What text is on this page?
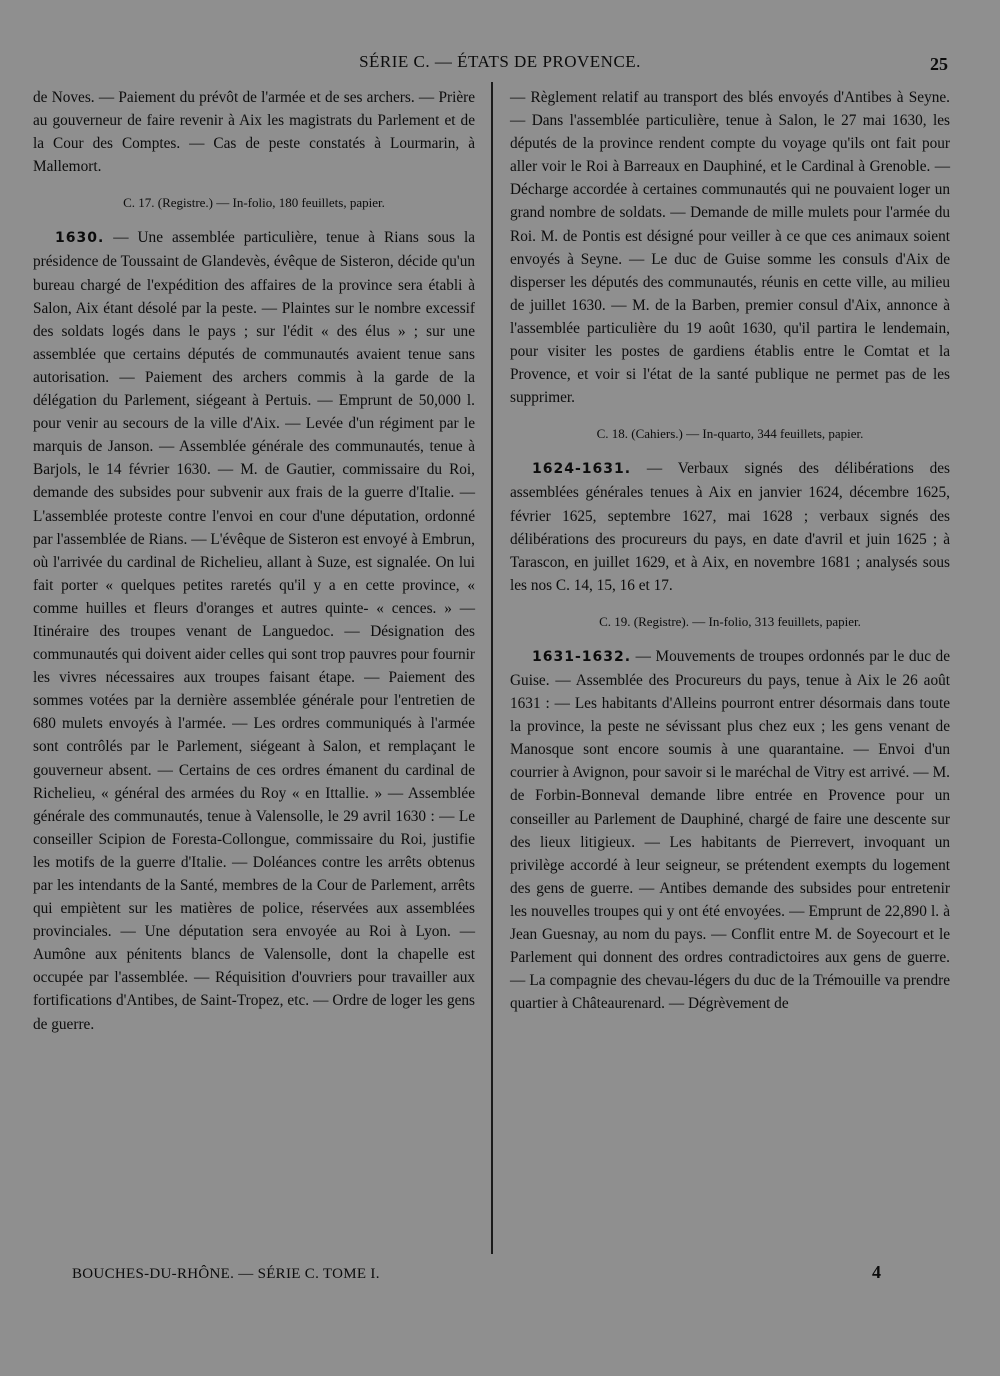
SÉRIE C. — ÉTATS DE PROVENCE.	25

de Noves. — Paiement du prévôt de l'armée et de ses archers. — Prière au gouverneur de faire revenir à Aix les magistrats du Parlement et de la Cour des Comptes. — Cas de peste constatés à Lourmarin, à Mallemort.

C. 17. (Registre.) — In-folio, 180 feuillets, papier.

1630. — Une assemblée particulière, tenue à Rians sous la présidence de Toussaint de Glandevès, évêque de Sisteron, décide qu'un bureau chargé de l'expédition des affaires de la province sera établi à Salon, Aix étant désolé par la peste. — Plaintes sur le nombre excessif des soldats logés dans le pays ; sur l'édit « des élus » ; sur une assemblée que certains députés de communautés avaient tenue sans autorisation. — Paiement des archers commis à la garde de la délégation du Parlement, siégeant à Pertuis. — Emprunt de 50,000 l. pour venir au secours de la ville d'Aix. — Levée d'un régiment par le marquis de Janson. — Assemblée générale des communautés, tenue à Barjols, le 14 février 1630. — M. de Gautier, commissaire du Roi, demande des subsides pour subvenir aux frais de la guerre d'Italie. — L'assemblée proteste contre l'envoi en cour d'une députation, ordonné par l'assemblée de Rians. — L'évêque de Sisteron est envoyé à Embrun, où l'arrivée du cardinal de Richelieu, allant à Suze, est signalée. On lui fait porter « quelques petites raretés qu'il y a en cette province, « comme huilles et fleurs d'oranges et autres quinte- « cences. » — Itinéraire des troupes venant de Languedoc. — Désignation des communautés qui doivent aider celles qui sont trop pauvres pour fournir les vivres nécessaires aux troupes faisant étape. — Paiement des sommes votées par la dernière assemblée générale pour l'entretien de 680 mulets envoyés à l'armée. — Les ordres communiqués à l'armée sont contrôlés par le Parlement, siégeant à Salon, et remplaçant le gouverneur absent. — Certains de ces ordres émanent du cardinal de Richelieu, « général des armées du Roy « en Ittallie. » — Assemblée générale des communautés, tenue à Valensolle, le 29 avril 1630 : — Le conseiller Scipion de Foresta-Collongue, commissaire du Roi, justifie les motifs de la guerre d'Italie. — Doléances contre les arrêts obtenus par les intendants de la Santé, membres de la Cour de Parlement, arrêts qui empiètent sur les matières de police, réservées aux assemblées provinciales. — Une députation sera envoyée au Roi à Lyon. — Aumône aux pénitents blancs de Valensolle, dont la chapelle est occupée par l'assemblée. — Réquisition d'ouvriers pour travailler aux fortifications d'Antibes, de Saint-Tropez, etc. — Ordre de loger les gens de guerre.

— Règlement relatif au transport des blés envoyés d'Antibes à Seyne. — Dans l'assemblée particulière, tenue à Salon, le 27 mai 1630, les députés de la province rendent compte du voyage qu'ils ont fait pour aller voir le Roi à Barreaux en Dauphiné, et le Cardinal à Grenoble. — Décharge accordée à certaines communautés qui ne pouvaient loger un grand nombre de soldats. — Demande de mille mulets pour l'armée du Roi. M. de Pontis est désigné pour veiller à ce que ces animaux soient envoyés à Seyne. — Le duc de Guise somme les consuls d'Aix de disperser les députés des communautés, réunis en cette ville, au milieu de juillet 1630. — M. de la Barben, premier consul d'Aix, annonce à l'assemblée particulière du 19 août 1630, qu'il partira le lendemain, pour visiter les postes de gardiens établis entre le Comtat et la Provence, et voir si l'état de la santé publique ne permet pas de les supprimer.

C. 18. (Cahiers.) — In-quarto, 344 feuillets, papier.

1624-1631. — Verbaux signés des délibérations des assemblées générales tenues à Aix en janvier 1624, décembre 1625, février 1625, septembre 1627, mai 1628 ; verbaux signés des délibérations des procureurs du pays, en date d'avril et juin 1625 ; à Tarascon, en juillet 1629, et à Aix, en novembre 1681 ; analysés sous les nos C. 14, 15, 16 et 17.

C. 19. (Registre). — In-folio, 313 feuillets, papier.

1631-1632. — Mouvements de troupes ordonnés par le duc de Guise. — Assemblée des Procureurs du pays, tenue à Aix le 26 août 1631 : — Les habitants d'Alleins pourront entrer désormais dans toute la province, la peste ne sévissant plus chez eux ; les gens venant de Manosque sont encore soumis à une quarantaine. — Envoi d'un courrier à Avignon, pour savoir si le maréchal de Vitry est arrivé. — M. de Forbin-Bonneval demande libre entrée en Provence pour un conseiller au Parlement de Dauphiné, chargé de faire une descente sur des lieux litigieux. — Les habitants de Pierrevert, invoquant un privilège accordé à leur seigneur, se prétendent exempts du logement des gens de guerre. — Antibes demande des subsides pour entretenir les nouvelles troupes qui y ont été envoyées. — Emprunt de 22,890 l. à Jean Guesnay, au nom du pays. — Conflit entre M. de Soyecourt et le Parlement qui donnent des ordres contradictoires aux gens de guerre. — La compagnie des chevau-légers du duc de la Trémouille va prendre quartier à Châteaurenard. — Dégrèvement de

BOUCHES-DU-RHÔNE. — SÉRIE C. TOME I.	4
